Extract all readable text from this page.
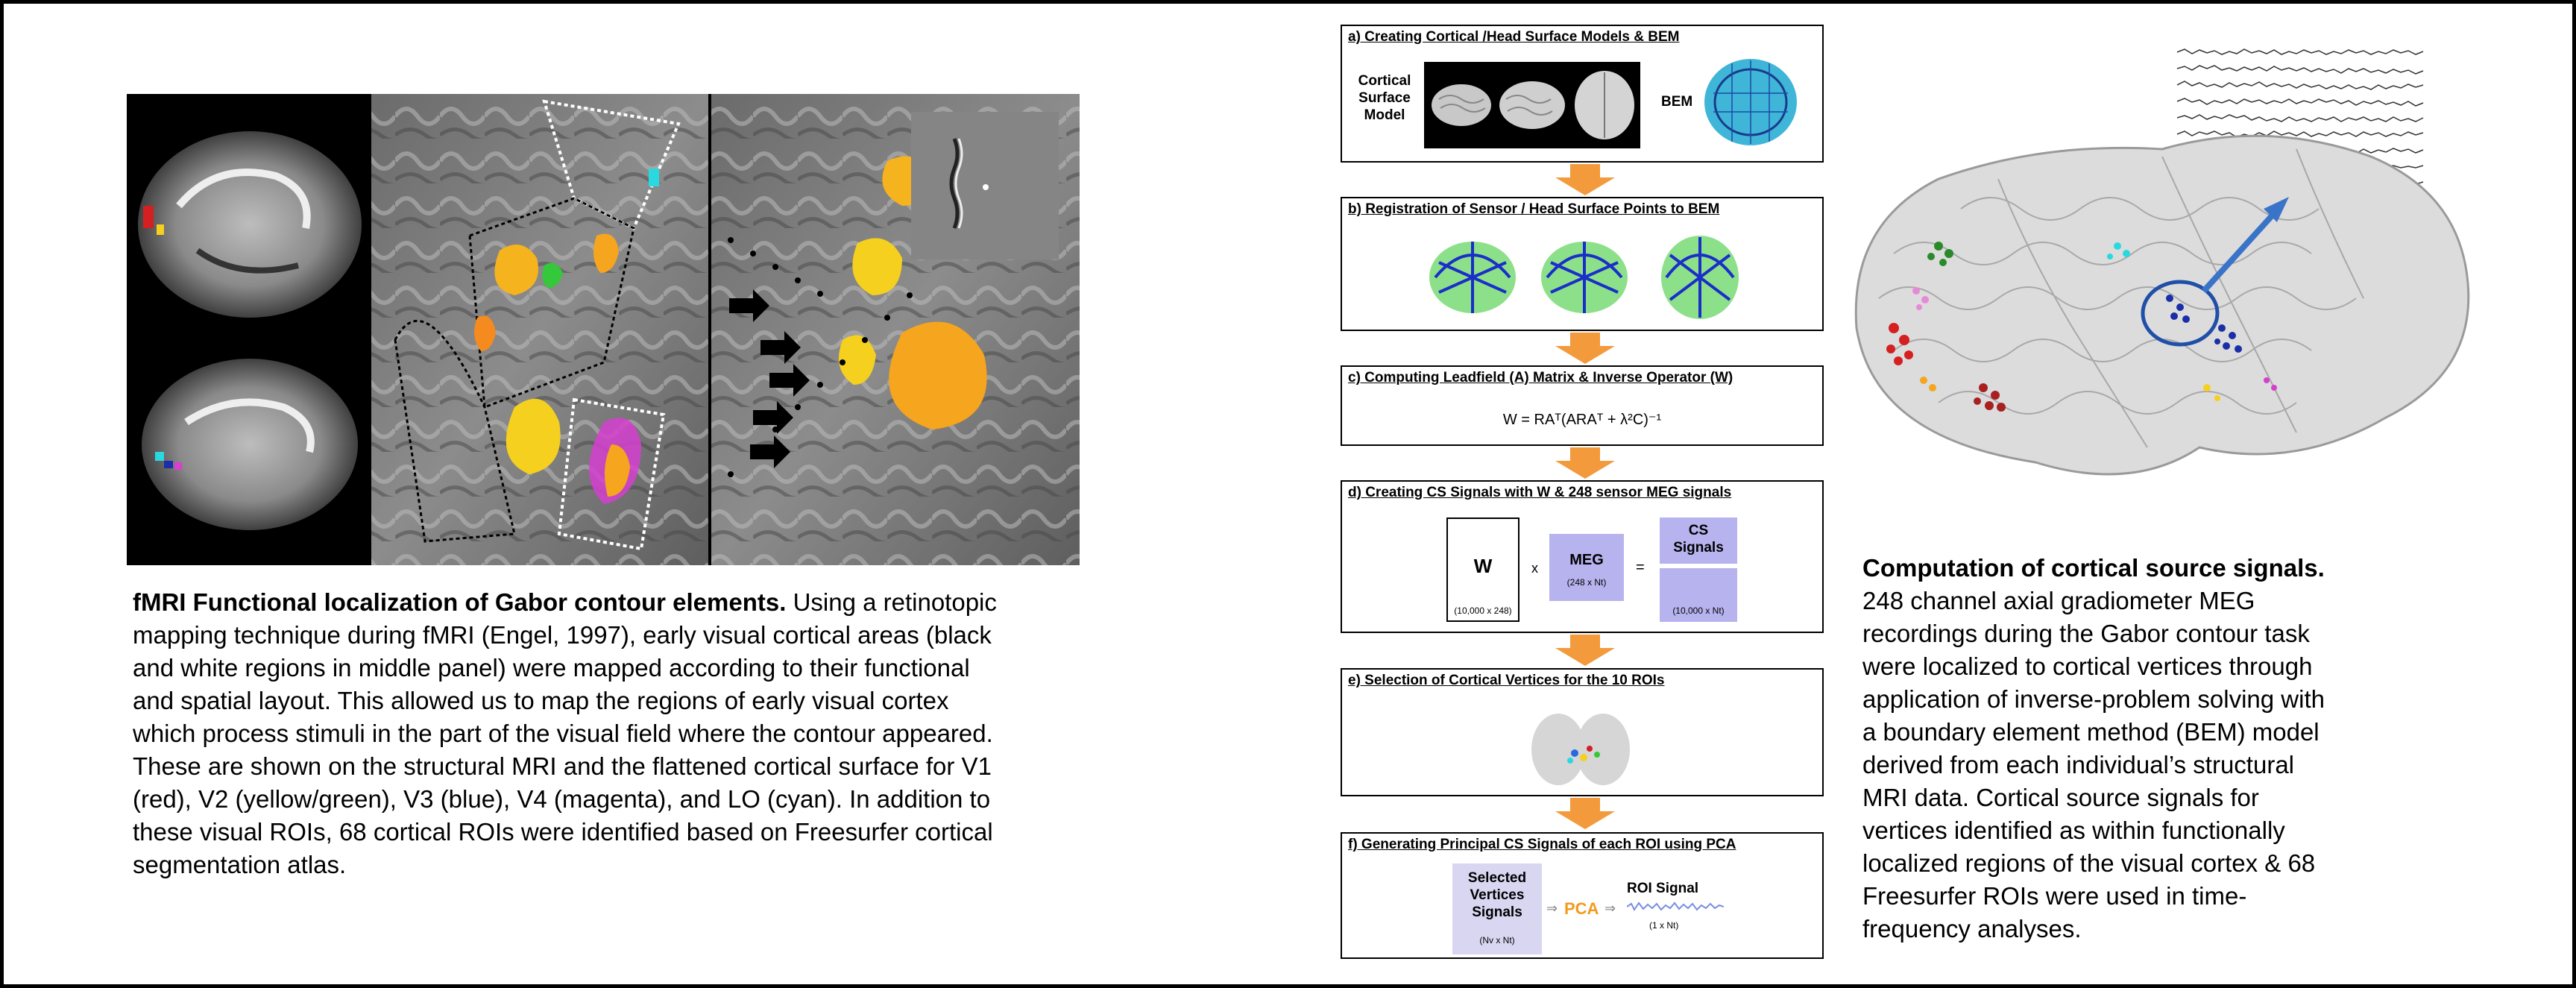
fMRI Functional localization of Gabor contour elements. Using a retinotopic
mapping technique during fMRI (Engel, 1997), early visual cortical areas (black
and white regions in middle panel) were mapped according to their functional
and spatial layout. This allowed us to map the regions of early visual cortex
which process stimuli in the part of the visual field where the contour appeared.
These are shown on the structural MRI and the flattened cortical surface for V1
(red), V2 (yellow/green), V3 (blue), V4 (magenta), and LO (cyan). In addition to
these visual ROIs, 68 cortical ROIs were identified based on Freesurfer cortical
segmentation atlas.
a) Creating Cortical /Head Surface Models & BEM
Cortical
Surface
Model
BEM
b) Registration of Sensor / Head Surface Points to BEM
c) Computing Leadfield (A) Matrix & Inverse Operator (W)
W = RAᵀ(ARAᵀ + λ²C)⁻¹
d) Creating CS Signals with W & 248 sensor MEG signals
W
(10,000 x 248)
x	MEG
(248 x Nt)
=
CS
Signals
(10,000 x Nt)
e) Selection of Cortical Vertices for the 10 ROIs
f) Generating Principal CS Signals of each ROI using PCA
Selected
Vertices
Signals
(Nv x Nt)
⇒ PCA ⇒
ROI Signal
(1 x Nt)
Computation of cortical source signals.
248 channel axial gradiometer MEG
recordings during the Gabor contour task
were localized to cortical vertices through
application of inverse-problem solving with
a boundary element method (BEM) model
derived from each individual’s structural
MRI data. Cortical source signals for
vertices identified as within functionally
localized regions of the visual cortex & 68
Freesurfer ROIs were used in time-
frequency analyses.
